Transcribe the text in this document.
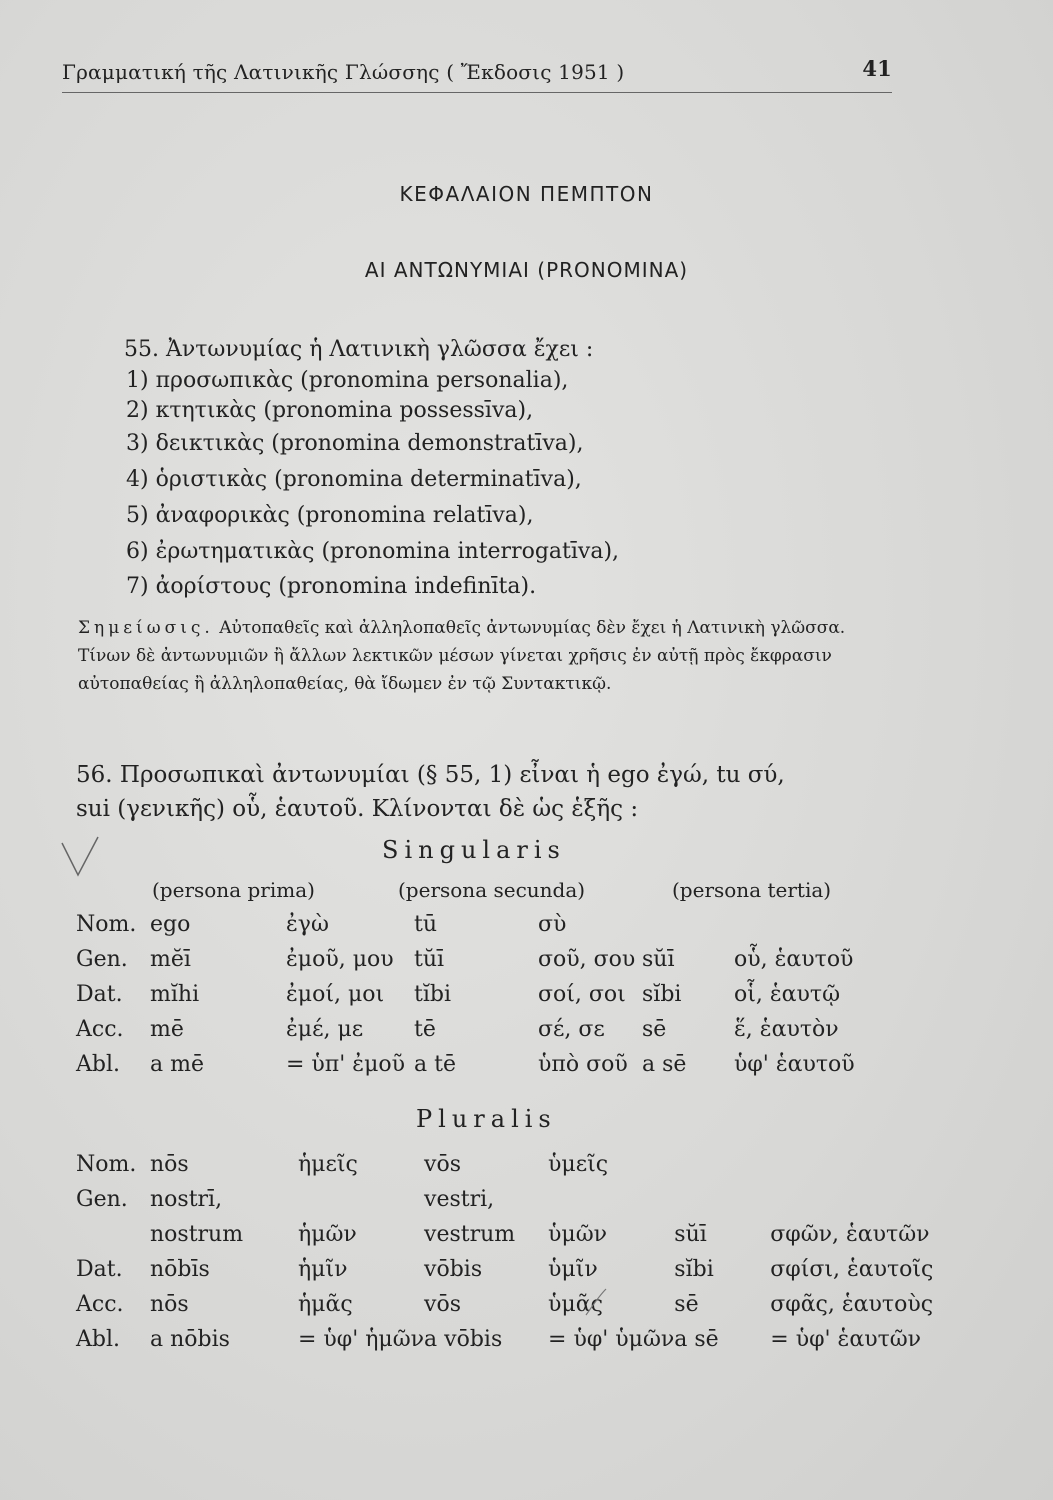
Γραμματική τῆς Λατινικῆς Γλώσσης ( Ἔκδοσις 1951 )	41
ΚΕΦΑΛΑΙΟΝ ΠΕΜΠΤΟΝ
ΑΙ ΑΝΤΩΝΥΜΙΑΙ (PRONOMINA)
55. Ἀντωνυμίας ἡ Λατινικὴ γλῶσσα ἔχει :
1) προσωπικὰς (pronomina personalia),
2) κτητικὰς (pronomina possessīva),
3) δεικτικὰς (pronomina demonstratīva),
4) ὁριστικὰς (pronomina determinatīva),
5) ἀναφορικὰς (pronomina relatīva),
6) ἐρωτηματικὰς (pronomina interrogatīva),
7) ἀορίστους (pronomina indefinīta).
Σημείωσις. Αὐτοπαθεῖς καὶ ἀλληλοπαθεῖς ἀντωνυμίας δὲν ἔχει ἡ Λατινικὴ γλῶσσα. Τίνων δὲ ἀντωνυμιῶν ἢ ἄλλων λεκτικῶν μέσων γίνεται χρῆσις ἐν αὐτῇ πρὸς ἔκφρασιν αὐτοπαθείας ἢ ἀλληλοπαθείας, θὰ ἴδωμεν ἐν τῷ Συντακτικῷ.
56. Προσωπικαὶ ἀντωνυμίαι (§ 55, 1) εἶναι ἡ ego ἐγώ, tu σύ,
sui (γενικῆς) οὗ, ἑαυτοῦ. Κλίνονται δὲ ὡς ἑξῆς :
Singularis
(persona prima)	(persona secunda)	(persona tertia)
Nom.	ego	ἐγὼ	tū	σὺ		
Gen.	mĕī	ἐμοῦ, μου	tŭī	σοῦ, σου	sŭī	οὗ, ἑαυτοῦ
Dat.	mĭhi	ἐμοί, μοι	tĭbi	σοί, σοι	sĭbi	οἷ, ἑαυτῷ
Acc.	mē	ἐμέ, με	tē	σέ, σε	sē	ἕ, ἑαυτὸν
Abl.	a mē	= ὑπ' ἐμοῦ	a tē	ὑπὸ σοῦ	a sē	ὑφ' ἑαυτοῦ
Pluralis
Nom.	nōs	ἡμεῖς	vōs	ὑμεῖς		
Gen.	nostrī,		vestri,			
	nostrum	ἡμῶν	vestrum	ὑμῶν	sŭī	σφῶν, ἑαυτῶν
Dat.	nōbīs	ἡμῖν	vōbis	ὑμῖν	sĭbi	σφίσι, ἑαυτοῖς
Acc.	nōs	ἡμᾶς	vōs	ὑμᾶς	sē	σφᾶς, ἑαυτοὺς
Abl.	a nōbis	= ὑφ' ἡμῶν	a vōbis	= ὑφ' ὑμῶν	a sē	= ὑφ' ἑαυτῶν
